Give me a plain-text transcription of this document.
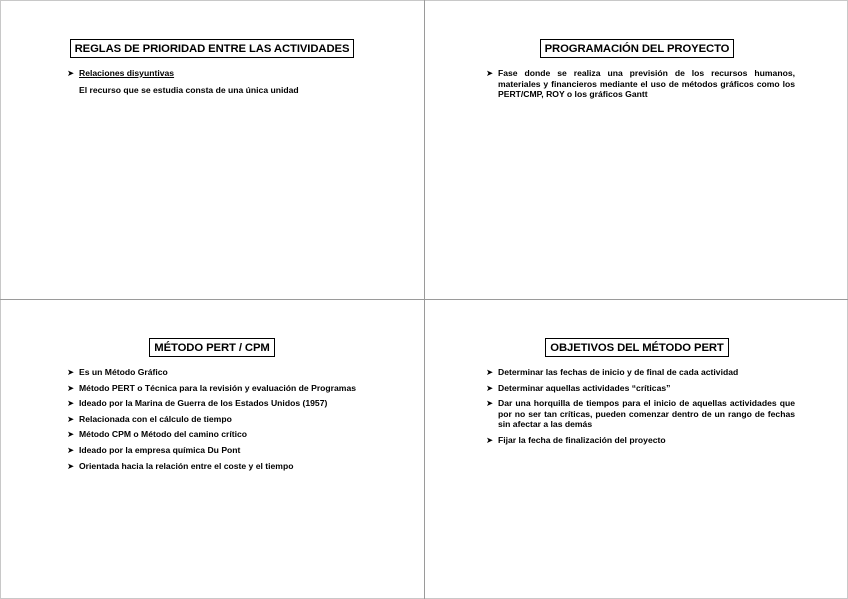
REGLAS DE PRIORIDAD ENTRE LAS ACTIVIDADES
➤ Relaciones disyuntivas
El recurso que se estudia consta de una única unidad
PROGRAMACIÓN DEL PROYECTO
➤ Fase donde se realiza una previsión de los recursos humanos, materiales y financieros mediante el uso de métodos gráficos como los PERT/CMP, ROY o los gráficos Gantt
MÉTODO PERT / CPM
➤ Es un Método Gráfico
➤ Método PERT o Técnica para la revisión y evaluación de Programas
➤ Ideado por la Marina de Guerra de los Estados Unidos (1957)
➤ Relacionada con el cálculo de tiempo
➤ Método CPM o Método del camino crítico
➤ Ideado por la empresa química Du Pont
➤ Orientada hacia la relación entre el coste y el tiempo
OBJETIVOS DEL MÉTODO PERT
➤ Determinar las fechas de inicio y de final de cada actividad
➤ Determinar aquellas actividades “críticas”
➤ Dar una horquilla de tiempos para el inicio de aquellas actividades que por no ser tan críticas, pueden comenzar dentro de un rango de fechas sin afectar a las demás
➤ Fijar la fecha de finalización del proyecto
